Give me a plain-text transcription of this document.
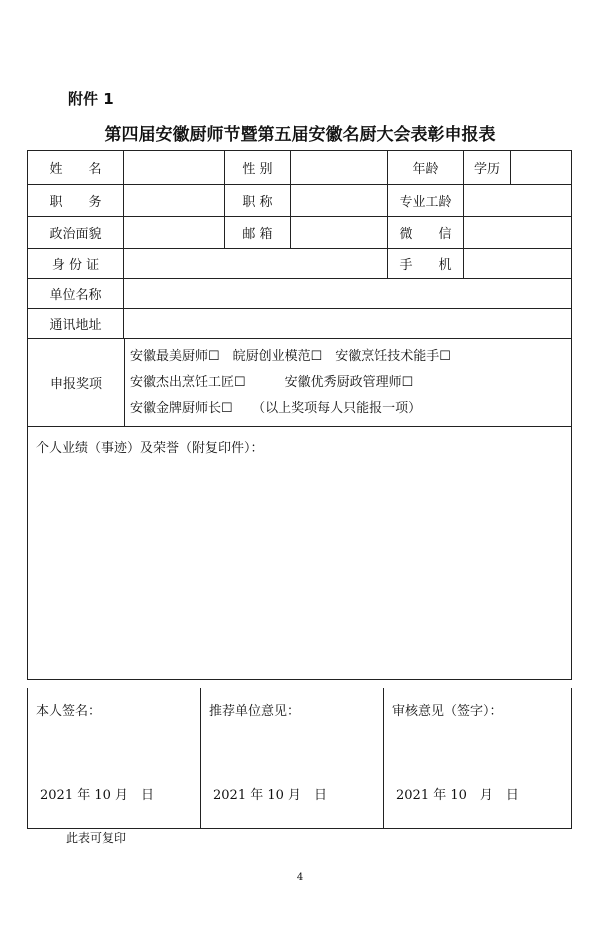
附件 1
第四届安徽厨师节暨第五届安徽名厨大会表彰申报表
姓　　名		性 别		年龄	学历	
职　　务		职 称		专业工龄		
政治面貌		邮 箱		微　　信		
身 份 证				手　　机		
单位名称						
通讯地址						

申报奖项
安徽最美厨师☐　皖厨创业模范☐　安徽烹饪技术能手☐
安徽杰出烹饪工匠☐　　　安徽优秀厨政管理师☐
安徽金牌厨师长☐　　（以上奖项每人只能报一项）						

个人业绩（事迹）及荣誉（附复印件）：						
本人签名：
2021 年 10 月　日

推荐单位意见：
2021 年 10 月　日

审核意见（签字）：
2021 年 10　月　日
此表可复印
4
